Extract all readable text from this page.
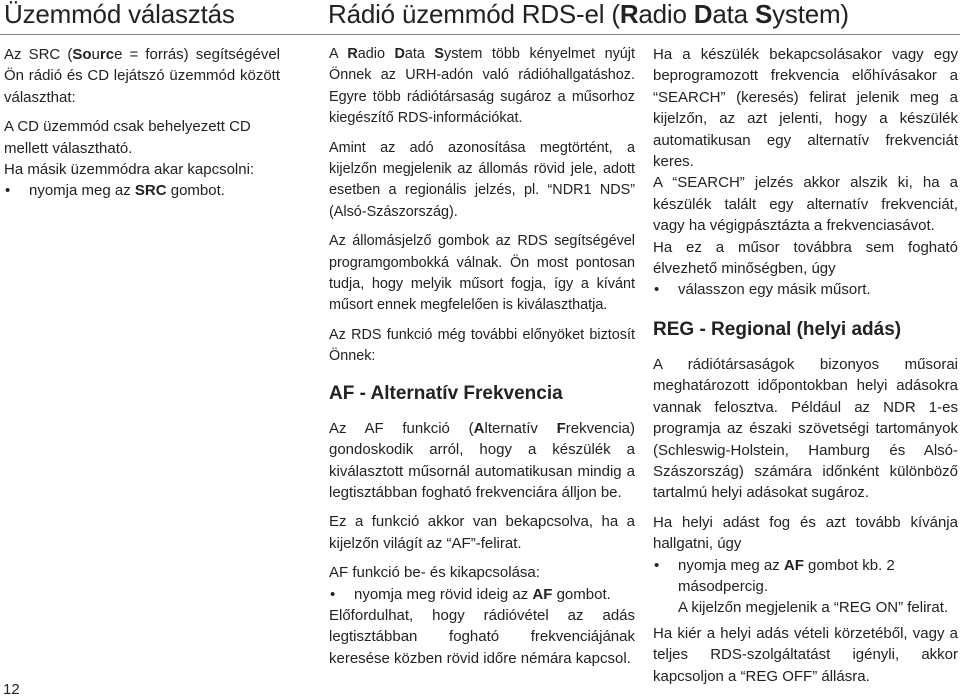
Üzemmód választás	Rádió üzemmód RDS-el (Radio Data System)

Az SRC (Source = forrás) segítségével Ön rádió és CD lejátszó üzemmód között választhat:

A CD üzemmód csak behelyezett CD mellett választható.

Ha másik üzemmódra akar kapcsolni:

• nyomja meg az SRC gombot.

A Radio Data System több kényelmet nyújt Önnek az URH-adón való rádióhallgatáshoz. Egyre több rádiótársaság sugároz a műsorhoz kiegészítő RDS-információkat.

Amint az adó azonosítása megtörtént, a kijelzőn megjelenik az állomás rövid jele, adott esetben a regionális jelzés, pl. “NDR1 NDS” (Alsó-Szászország).

Az állomásjelző gombok az RDS segítségével programgombokká válnak. Ön most pontosan tudja, hogy melyik műsort fogja, így a kívánt műsort ennek megfelelően is kiválaszthatja.

Az RDS funkció még további előnyöket biztosít Önnek:

AF - Alternatív Frekvencia

Az AF funkció (Alternatív Frekvencia) gondoskodik arról, hogy a készülék a kiválasztott műsornál automatikusan mindig a legtisztábban fogható frekvenciára álljon be.

Ez a funkció akkor van bekapcsolva, ha a kijelzőn világít az “AF”-felirat.

AF funkció be- és kikapcsolása:

• nyomja meg rövid ideig az AF gombot.

Előfordulhat, hogy rádióvétel az adás legtisztábban fogható frekvenciájának keresése közben rövid időre némára kapcsol.

Ha a készülék bekapcsolásakor vagy egy beprogramozott frekvencia előhívásakor a “SEARCH” (keresés) felirat jelenik meg a kijelzőn, az azt jelenti, hogy a készülék automatikusan egy alternatív frekvenciát keres.

A “SEARCH” jelzés akkor alszik ki, ha a készülék talált egy alternatív frekvenciát, vagy ha végigpásztázta a frekvenciasávot.

Ha ez a műsor továbbra sem fogható élvezhető minőségben, úgy

• válasszon egy másik műsort.

REG - Regional (helyi adás)

A rádiótársaságok bizonyos műsorai meghatározott időpontokban helyi adásokra vannak felosztva. Például az NDR 1-es programja az északi szövetségi tartományok (Schleswig-Holstein, Hamburg és Alsó-Szászország) számára időnként különböző tartalmú helyi adásokat sugároz.

Ha helyi adást fog és azt tovább kívánja hallgatni, úgy

• nyomja meg az AF gombot kb. 2 másodpercig.
A kijelzőn megjelenik a “REG ON” felirat.

Ha kiér a helyi adás vételi körzetéből, vagy a teljes RDS-szolgáltatást igényli, akkor kapcsoljon a “REG OFF” állásra.

12
